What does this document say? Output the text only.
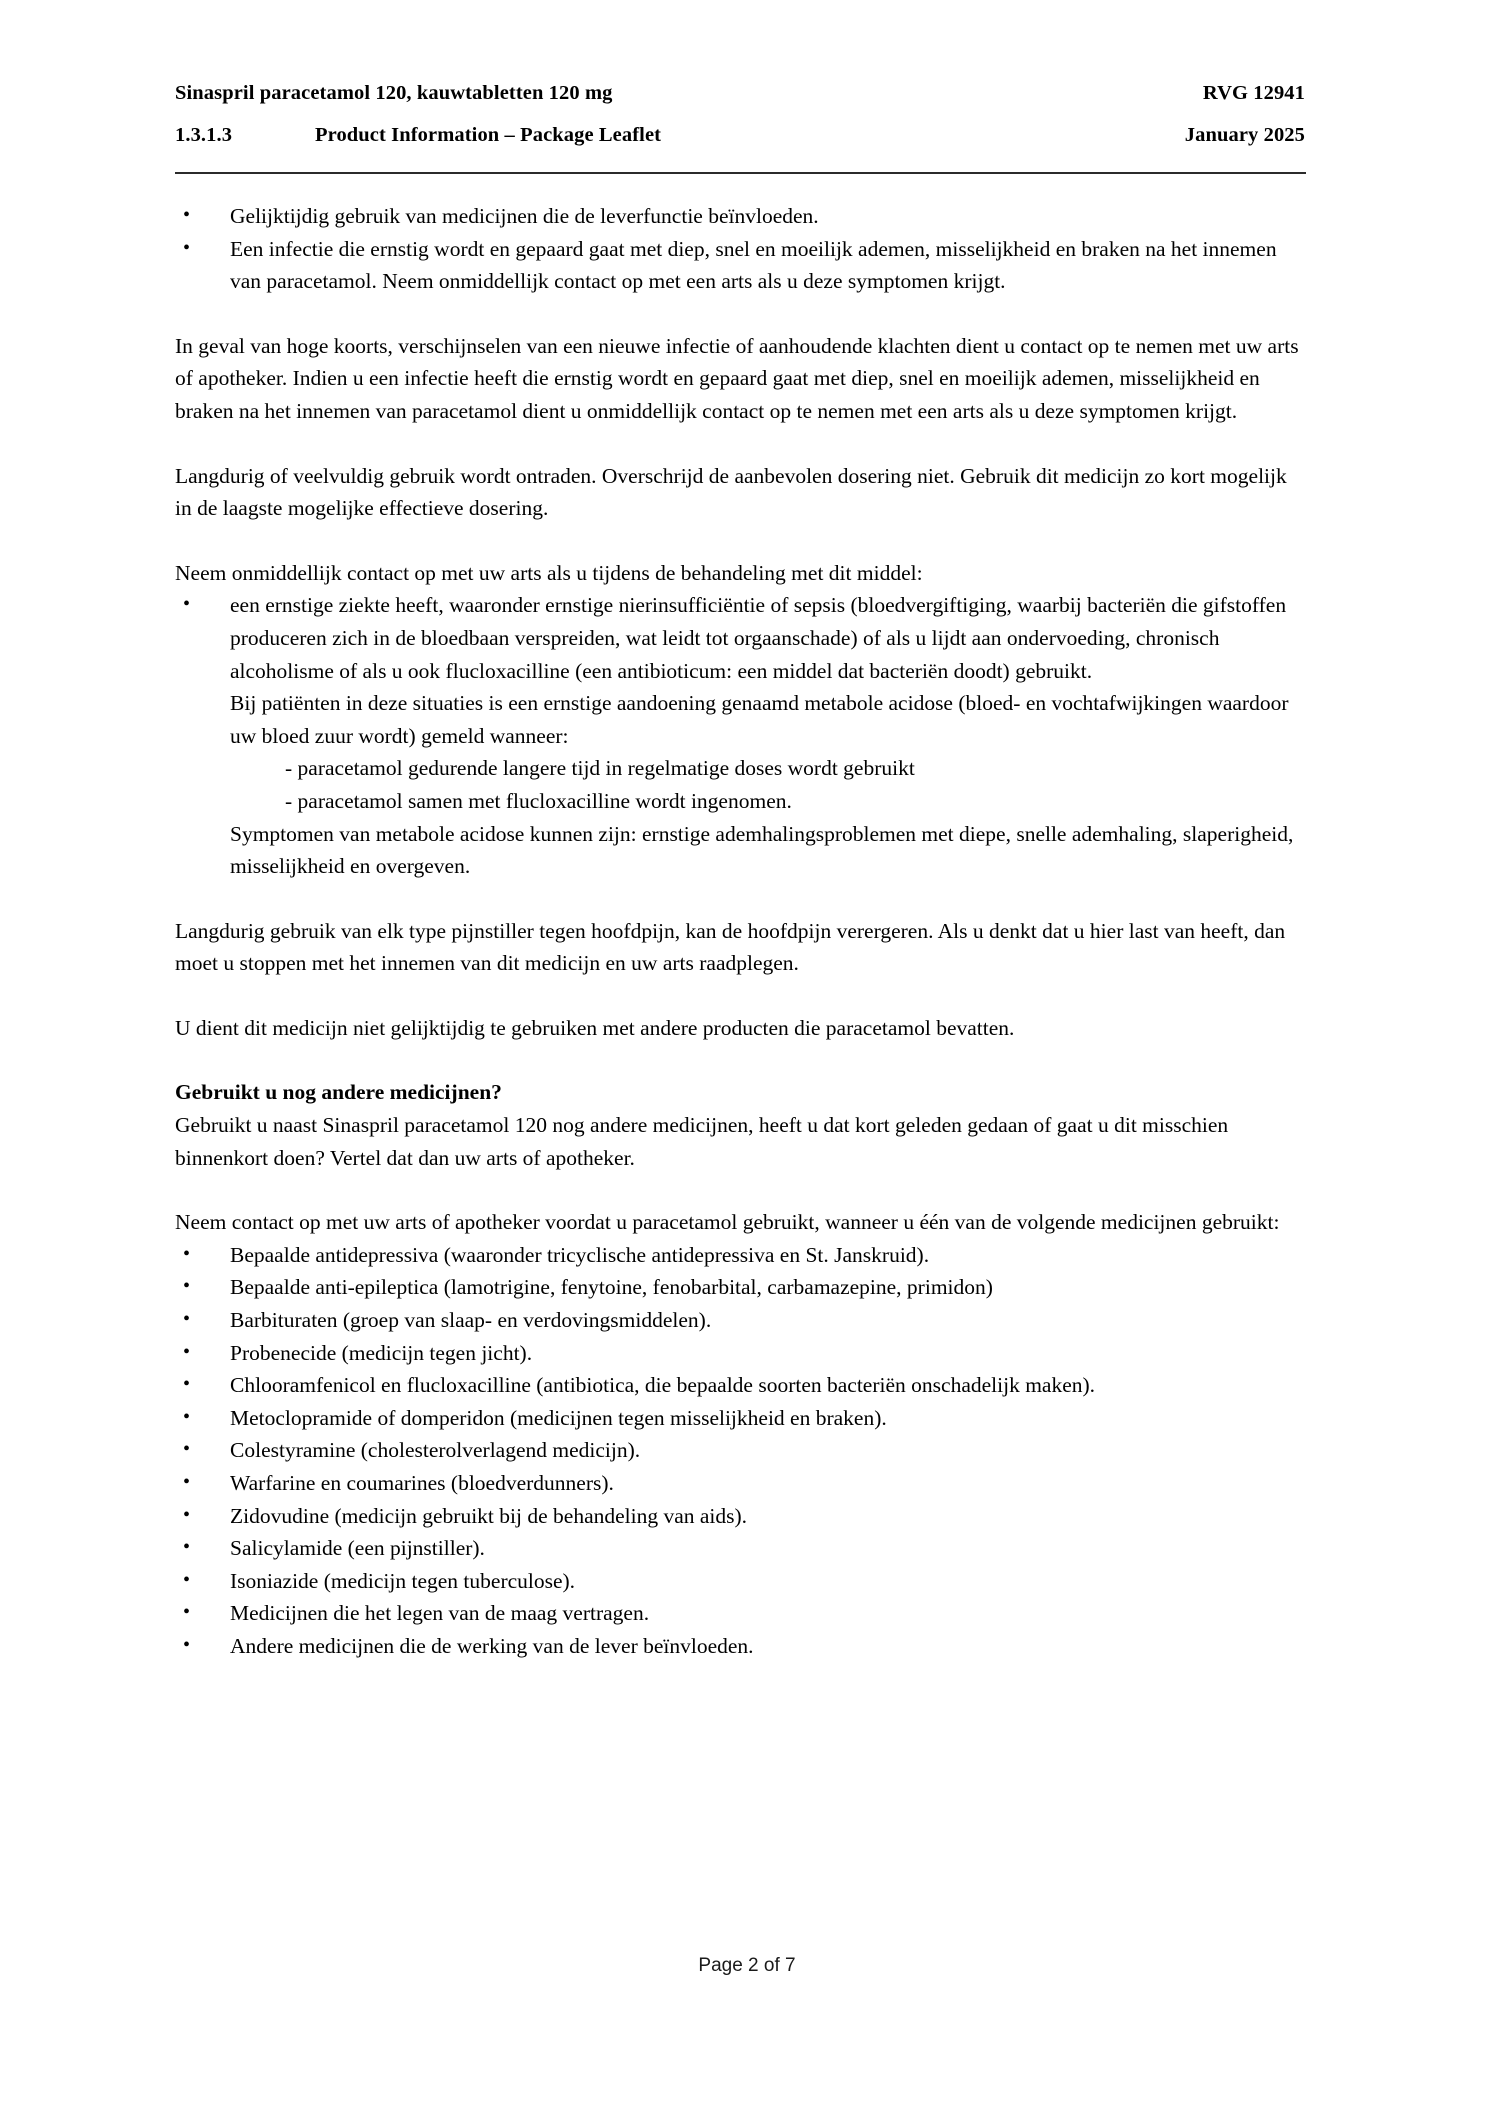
Sinaspril paracetamol 120, kauwtabletten 120 mg	RVG 12941
1.3.1.3	Product Information – Package Leaflet	January 2025
• Gelijktijdig gebruik van medicijnen die de leverfunctie beïnvloeden.
• Een infectie die ernstig wordt en gepaard gaat met diep, snel en moeilijk ademen, misselijkheid en braken na het innemen van paracetamol. Neem onmiddellijk contact op met een arts als u deze symptomen krijgt.

In geval van hoge koorts, verschijnselen van een nieuwe infectie of aanhoudende klachten dient u contact op te nemen met uw arts of apotheker. Indien u een infectie heeft die ernstig wordt en gepaard gaat met diep, snel en moeilijk ademen, misselijkheid en braken na het innemen van paracetamol dient u onmiddellijk contact op te nemen met een arts als u deze symptomen krijgt.

Langdurig of veelvuldig gebruik wordt ontraden. Overschrijd de aanbevolen dosering niet. Gebruik dit medicijn zo kort mogelijk in de laagste mogelijke effectieve dosering.

Neem onmiddellijk contact op met uw arts als u tijdens de behandeling met dit middel:

• een ernstige ziekte heeft, waaronder ernstige nierinsufficiëntie of sepsis (bloedvergiftiging, waarbij bacteriën die gifstoffen produceren zich in de bloedbaan verspreiden, wat leidt tot orgaanschade) of als u lijdt aan ondervoeding, chronisch alcoholisme of als u ook flucloxacilline (een antibioticum: een middel dat bacteriën doodt) gebruikt.

Bij patiënten in deze situaties is een ernstige aandoening genaamd metabole acidose (bloed- en vochtafwijkingen waardoor uw bloed zuur wordt) gemeld wanneer:

- paracetamol gedurende langere tijd in regelmatige doses wordt gebruikt

- paracetamol samen met flucloxacilline wordt ingenomen.

Symptomen van metabole acidose kunnen zijn: ernstige ademhalingsproblemen met diepe, snelle ademhaling, slaperigheid, misselijkheid en overgeven.

Langdurig gebruik van elk type pijnstiller tegen hoofdpijn, kan de hoofdpijn verergeren. Als u denkt dat u hier last van heeft, dan moet u stoppen met het innemen van dit medicijn en uw arts raadplegen.

U dient dit medicijn niet gelijktijdig te gebruiken met andere producten die paracetamol bevatten.

Gebruikt u nog andere medicijnen?

Gebruikt u naast Sinaspril paracetamol 120 nog andere medicijnen, heeft u dat kort geleden gedaan of gaat u dit misschien binnenkort doen? Vertel dat dan uw arts of apotheker.

Neem contact op met uw arts of apotheker voordat u paracetamol gebruikt, wanneer u één van de volgende medicijnen gebruikt:

• Bepaalde antidepressiva (waaronder tricyclische antidepressiva en St. Janskruid).
• Bepaalde anti-epileptica (lamotrigine, fenytoine, fenobarbital, carbamazepine, primidon)
• Barbituraten (groep van slaap- en verdovingsmiddelen).
• Probenecide (medicijn tegen jicht).
• Chlooramfenicol en flucloxacilline (antibiotica, die bepaalde soorten bacteriën onschadelijk maken).
• Metoclopramide of domperidon (medicijnen tegen misselijkheid en braken).
• Colestyramine (cholesterolverlagend medicijn).
• Warfarine en coumarines (bloedverdunners).
• Zidovudine (medicijn gebruikt bij de behandeling van aids).
• Salicylamide (een pijnstiller).
• Isoniazide (medicijn tegen tuberculose).
• Medicijnen die het legen van de maag vertragen.
• Andere medicijnen die de werking van de lever beïnvloeden.
Page 2 of 7
